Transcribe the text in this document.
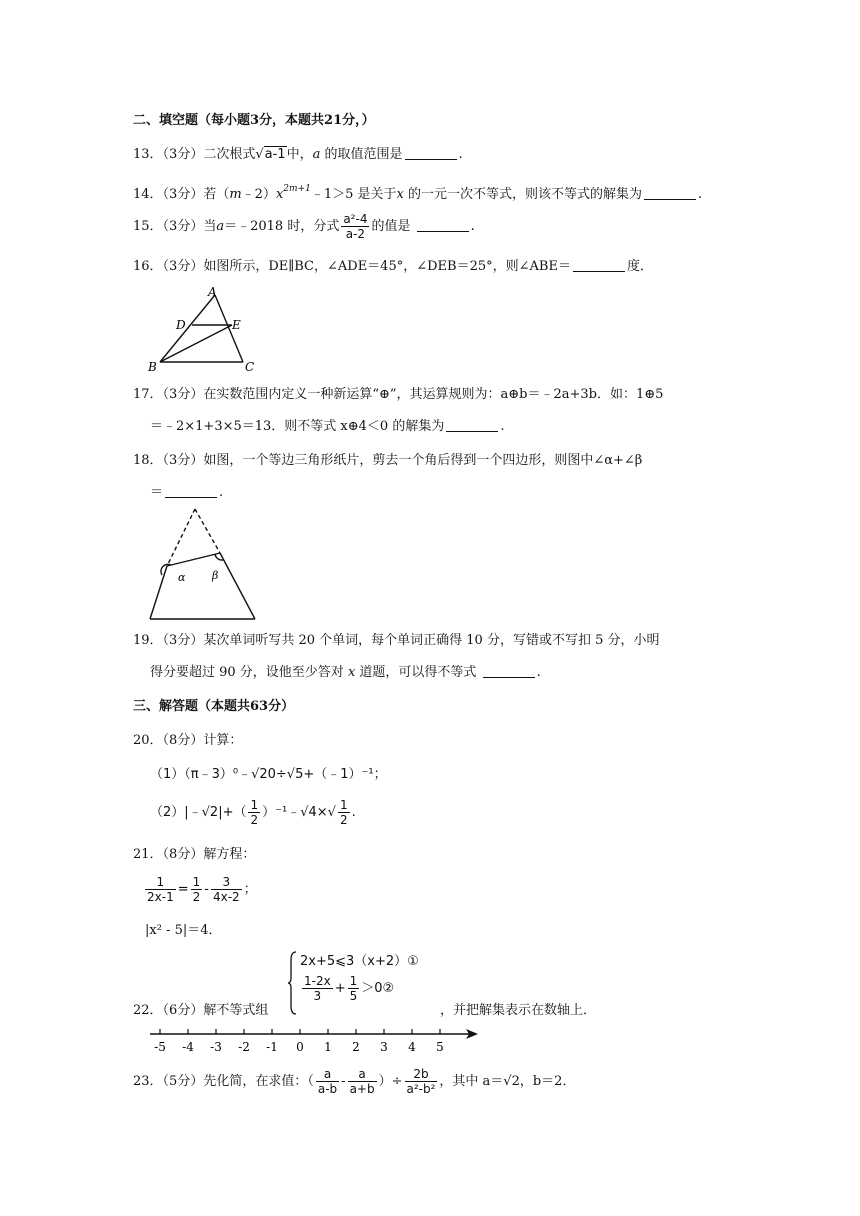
二、填空题（每小题3分，本题共21分，）
13．（3分）二次根式√a-1中，a 的取值范围是	.
14．（3分）若$(m﹣2)x^{2m+1}﹣1>5$ 是关于x 的一元一次不等式，则该不等式的解集为	.
15．（3分）当a＝﹣2018 时，分式 $\frac{\text{a²-4}}{a-2}$ 的值是	.
16．（3分）如图所示，DE∥BC，∠ADE＝45°，∠DEB＝25°，则∠ABE＝	度．
A
D	E
B	C
17．（3分）在实数范围内定义一种新运算“⊕”，其运算规则为：a⊕b＝﹣2a+3b．如：1⊕5
＝﹣2×1+3×5＝13．则不等式 x⊕4＜0 的解集为	.
18．（3分）如图，一个等边三角形纸片，剪去一个角后得到一个四边形，则图中∠α+∠β
＝	.
α β
19．（3分）某次单词听写共 20 个单词，每个单词正确得 10 分，写错或不写扣 5 分，小明
得分要超过 90 分，设他至少答对 x 道题，可以得不等式	.
三、解答题（本题共63分）
20．（8分）计算：
（1）（π﹣3）⁰﹣√20÷√5+（﹣1）⁻¹；
（2）|﹣√2|+（ $\frac{1}{2}$ ）⁻¹﹣√4×√ $\frac{1}{2}$ .
21．（8分）解方程：
$\frac{1}{2x-1} = \frac{1}{2} - \frac{3}{4x-2}$ ；
|x² - 5|＝4．
22．（6分）解不等式组
2x+5⩽3（x+2）①
$\frac{1-2x}{3} + \frac{1}{5}$ ＞0②
，并把解集表示在数轴上．
-5 -4 -3 -2 -1 0 1 2 3 4 5
23．（5分）先化简，在求值：（ $\frac{a}{a-b} - \frac{a}{a+b}$ ）÷ $\frac{2b}{\text{a²-b²}}$ ，其中 a＝√2，b＝2．
